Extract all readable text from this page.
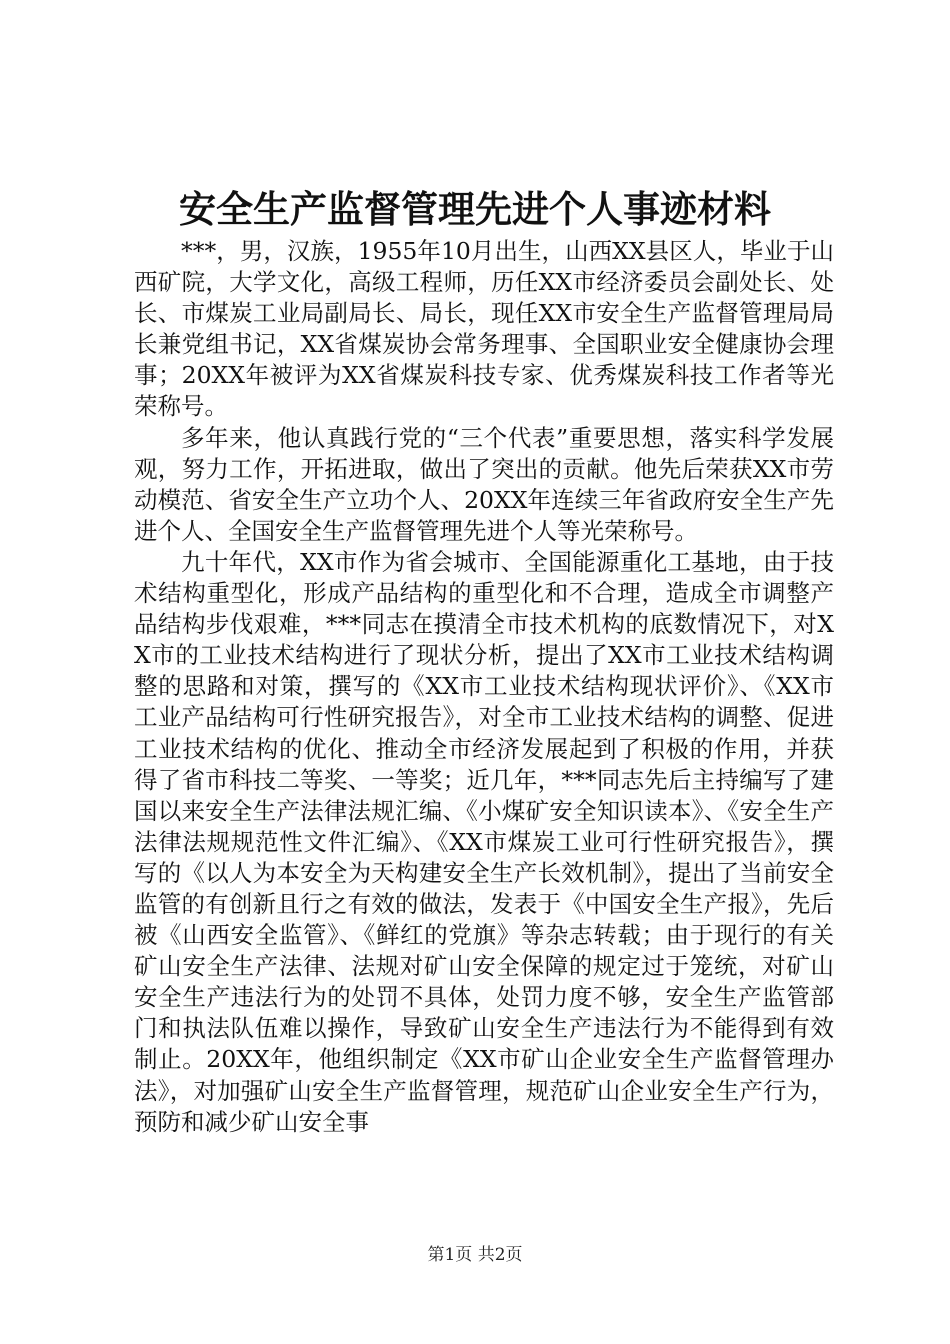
安全生产监督管理先进个人事迹材料

***，男，汉族，1955年10月出生，山西XX县区人，毕业于山西矿院，大学文化，高级工程师，历任XX市经济委员会副处长、处长、市煤炭工业局副局长、局长，现任XX市安全生产监督管理局局长兼党组书记，XX省煤炭协会常务理事、全国职业安全健康协会理事；20XX年被评为XX省煤炭科技专家、优秀煤炭科技工作者等光荣称号。

多年来，他认真践行党的“三个代表”重要思想，落实科学发展观，努力工作，开拓进取，做出了突出的贡献。他先后荣获XX市劳动模范、省安全生产立功个人、20XX年连续三年省政府安全生产先进个人、全国安全生产监督管理先进个人等光荣称号。

九十年代，XX市作为省会城市、全国能源重化工基地，由于技术结构重型化，形成产品结构的重型化和不合理，造成全市调整产品结构步伐艰难，***同志在摸清全市技术机构的底数情况下，对XX市的工业技术结构进行了现状分析，提出了XX市工业技术结构调整的思路和对策，撰写的《XX市工业技术结构现状评价》、《XX市工业产品结构可行性研究报告》，对全市工业技术结构的调整、促进工业技术结构的优化、推动全市经济发展起到了积极的作用，并获得了省市科技二等奖、一等奖；近几年，***同志先后主持编写了建国以来安全生产法律法规汇编、《小煤矿安全知识读本》、《安全生产法律法规规范性文件汇编》、《XX市煤炭工业可行性研究报告》，撰写的《以人为本安全为天构建安全生产长效机制》，提出了当前安全监管的有创新且行之有效的做法，发表于《中国安全生产报》，先后被《山西安全监管》、《鲜红的党旗》等杂志转载；由于现行的有关矿山安全生产法律、法规对矿山安全保障的规定过于笼统，对矿山安全生产违法行为的处罚不具体，处罚力度不够，安全生产监管部门和执法队伍难以操作，导致矿山安全生产违法行为不能得到有效制止。20XX年，他组织制定《XX市矿山企业安全生产监督管理办法》，对加强矿山安全生产监督管理，规范矿山企业安全生产行为，预防和减少矿山安全事

第1页 共2页
